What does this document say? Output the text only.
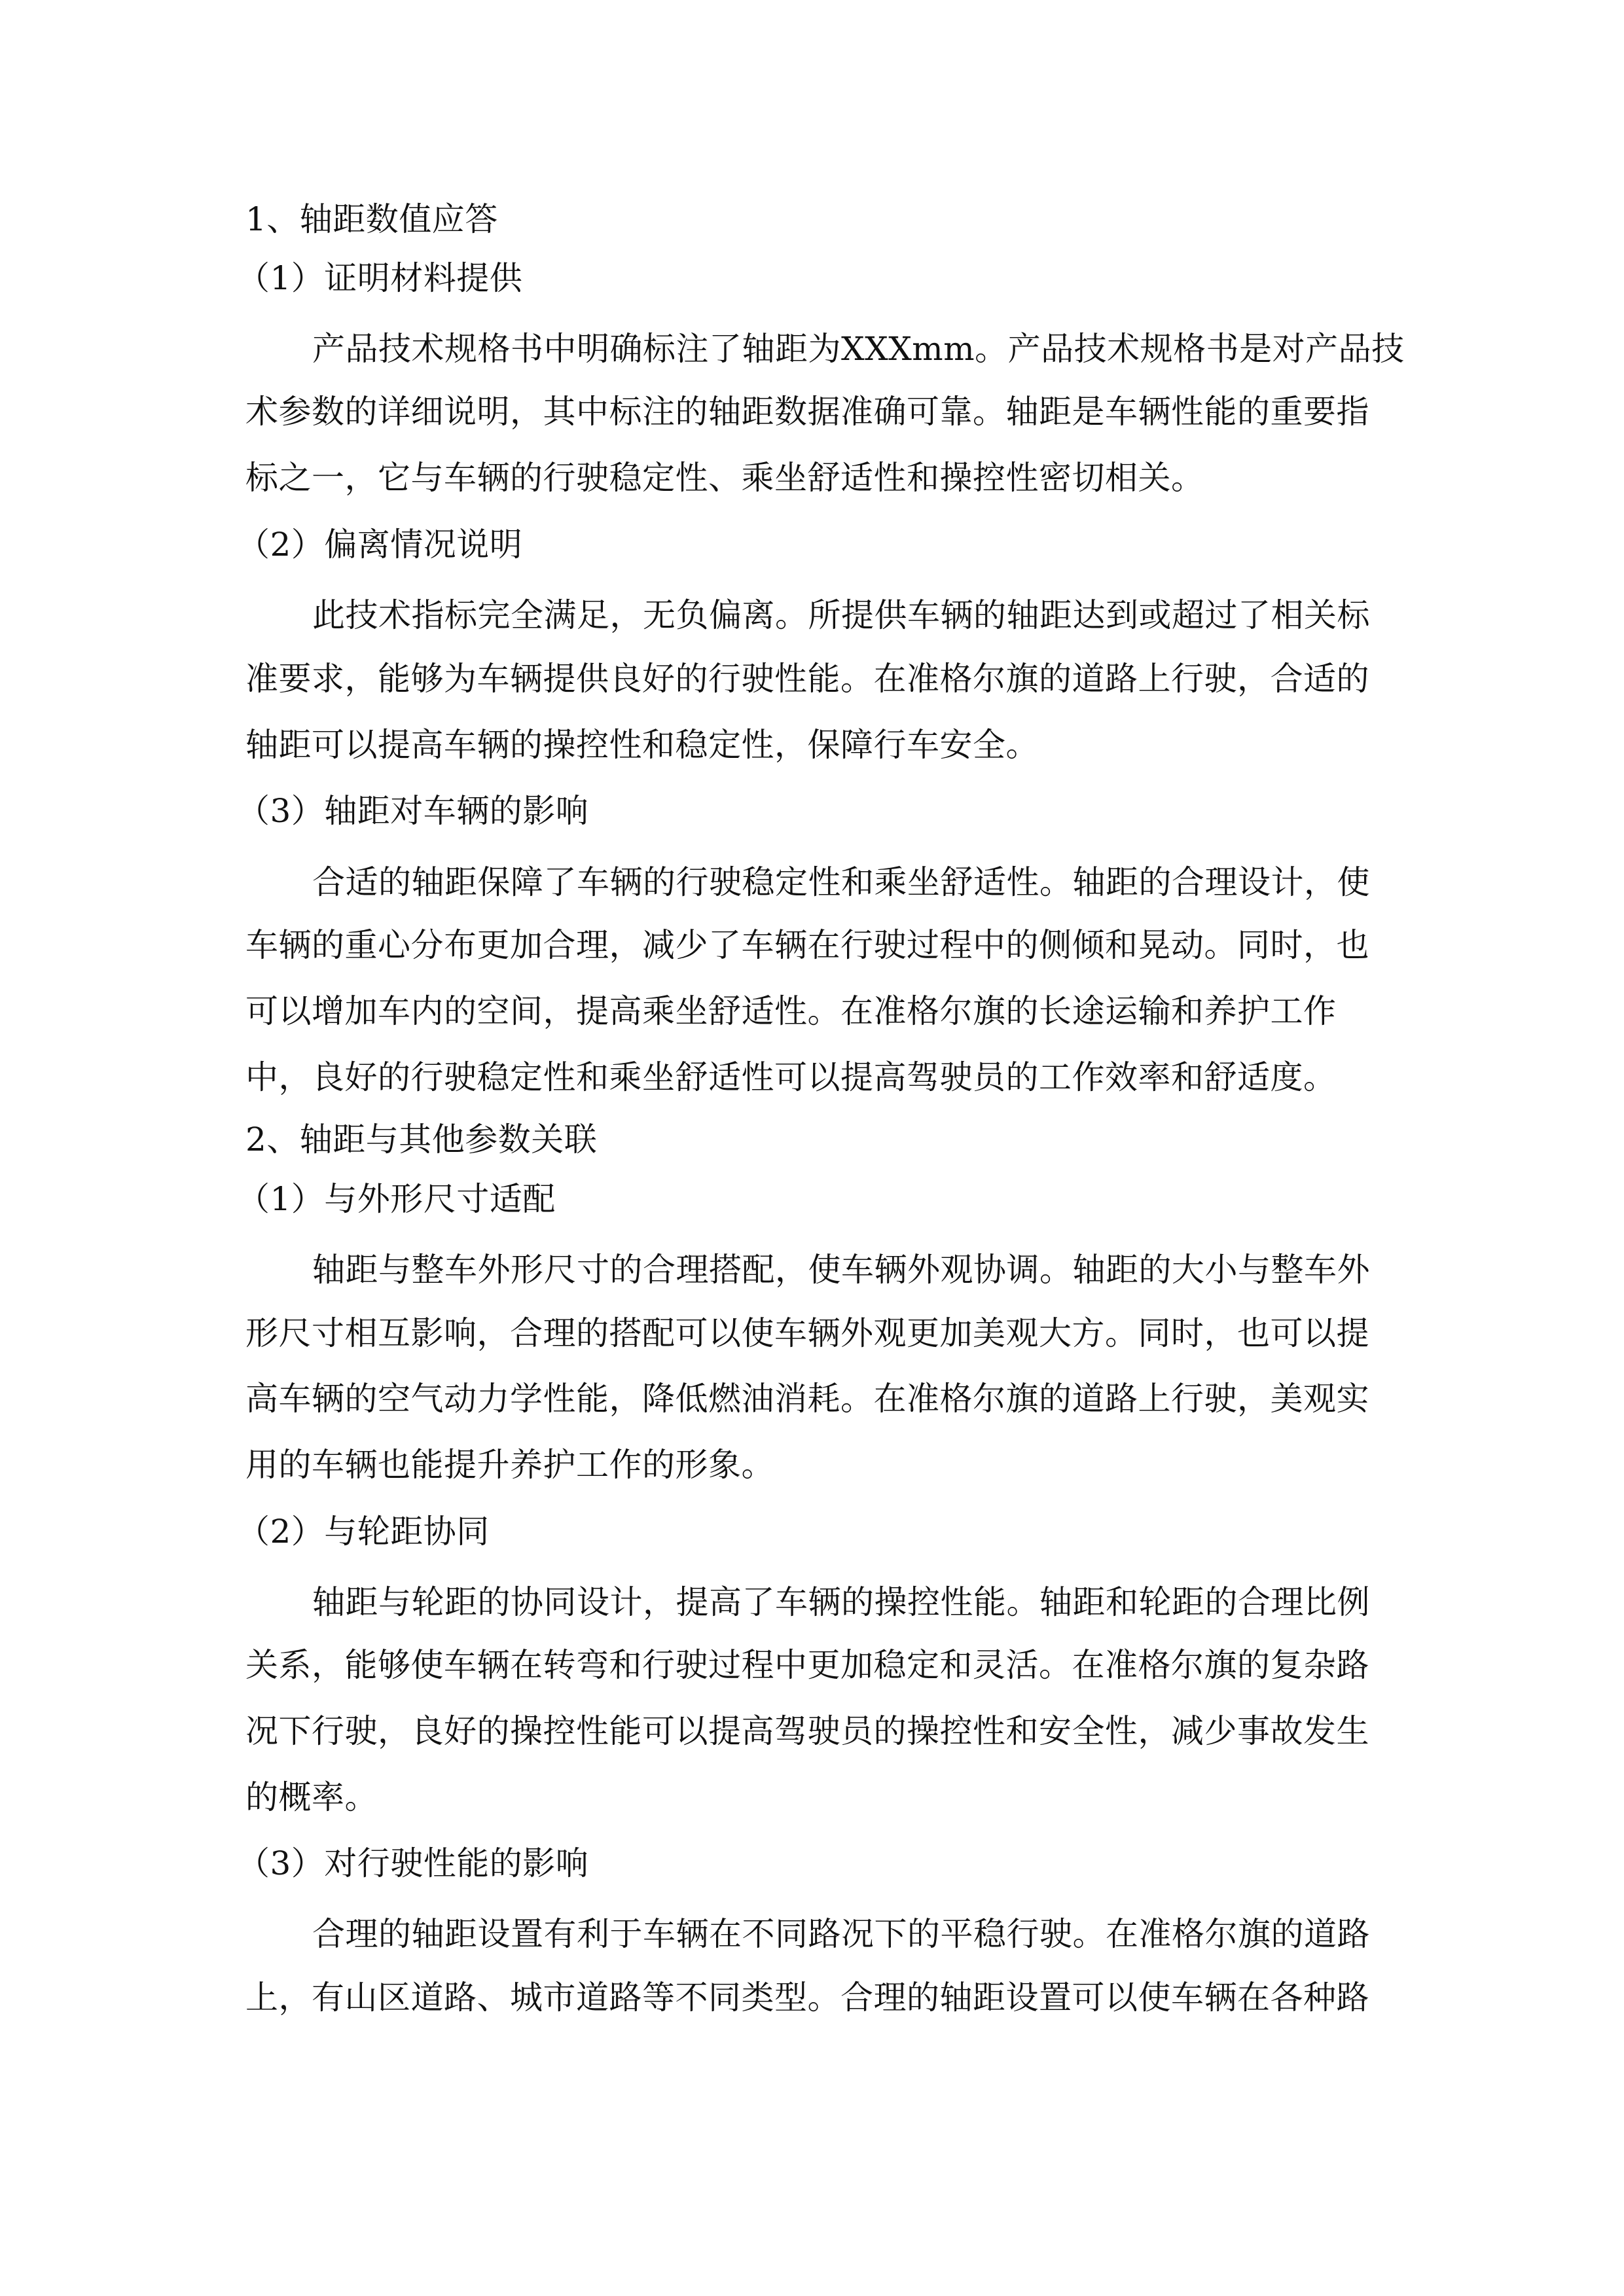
1、轴距数值应答
（1）证明材料提供
产品技术规格书中明确标注了轴距为XXXmm。产品技术规格书是对产品技
术参数的详细说明，其中标注的轴距数据准确可靠。轴距是车辆性能的重要指
标之一，它与车辆的行驶稳定性、乘坐舒适性和操控性密切相关。
（2）偏离情况说明
此技术指标完全满足，无负偏离。所提供车辆的轴距达到或超过了相关标
准要求，能够为车辆提供良好的行驶性能。在准格尔旗的道路上行驶，合适的
轴距可以提高车辆的操控性和稳定性，保障行车安全。
（3）轴距对车辆的影响
合适的轴距保障了车辆的行驶稳定性和乘坐舒适性。轴距的合理设计，使
车辆的重心分布更加合理，减少了车辆在行驶过程中的侧倾和晃动。同时，也
可以增加车内的空间，提高乘坐舒适性。在准格尔旗的长途运输和养护工作
中，良好的行驶稳定性和乘坐舒适性可以提高驾驶员的工作效率和舒适度。
2、轴距与其他参数关联
（1）与外形尺寸适配
轴距与整车外形尺寸的合理搭配，使车辆外观协调。轴距的大小与整车外
形尺寸相互影响，合理的搭配可以使车辆外观更加美观大方。同时，也可以提
高车辆的空气动力学性能，降低燃油消耗。在准格尔旗的道路上行驶，美观实
用的车辆也能提升养护工作的形象。
（2）与轮距协同
轴距与轮距的协同设计，提高了车辆的操控性能。轴距和轮距的合理比例
关系，能够使车辆在转弯和行驶过程中更加稳定和灵活。在准格尔旗的复杂路
况下行驶，良好的操控性能可以提高驾驶员的操控性和安全性，减少事故发生
的概率。
（3）对行驶性能的影响
合理的轴距设置有利于车辆在不同路况下的平稳行驶。在准格尔旗的道路
上，有山区道路、城市道路等不同类型。合理的轴距设置可以使车辆在各种路
